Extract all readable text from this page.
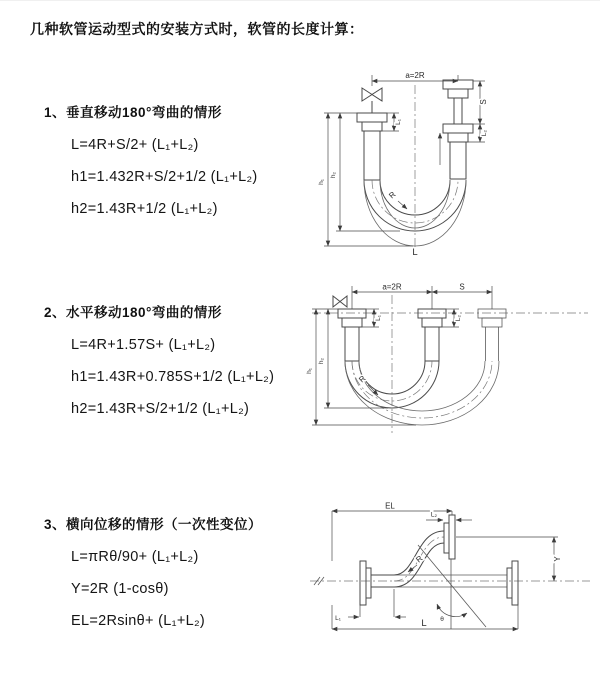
几种软管运动型式的安装方式时，软管的长度计算：
1、垂直移动180°弯曲的情形

L=4R+S/2+ (L₁+L₂)

h1=1.432R+S/2+1/2 (L₁+L₂)

h2=1.43R+1/2 (L₁+L₂)

a=2R
S
L₂
L₁
h₁
h₂
R
L
2、水平移动180°弯曲的情形

L=4R+1.57S+ (L₁+L₂)

h1=1.43R+0.785S+1/2 (L₁+L₂)

h2=1.43R+S/2+1/2 (L₁+L₂)

a=2R	S
L₁	L₂
h₁
h₂
R
3、横向位移的情形（一次性变位）

L=πRθ/90+ (L₁+L₂)

Y=2R (1-cosθ)

EL=2Rsinθ+ (L₁+L₂)

EL
L₂
Y
θ
R
L
L₁
